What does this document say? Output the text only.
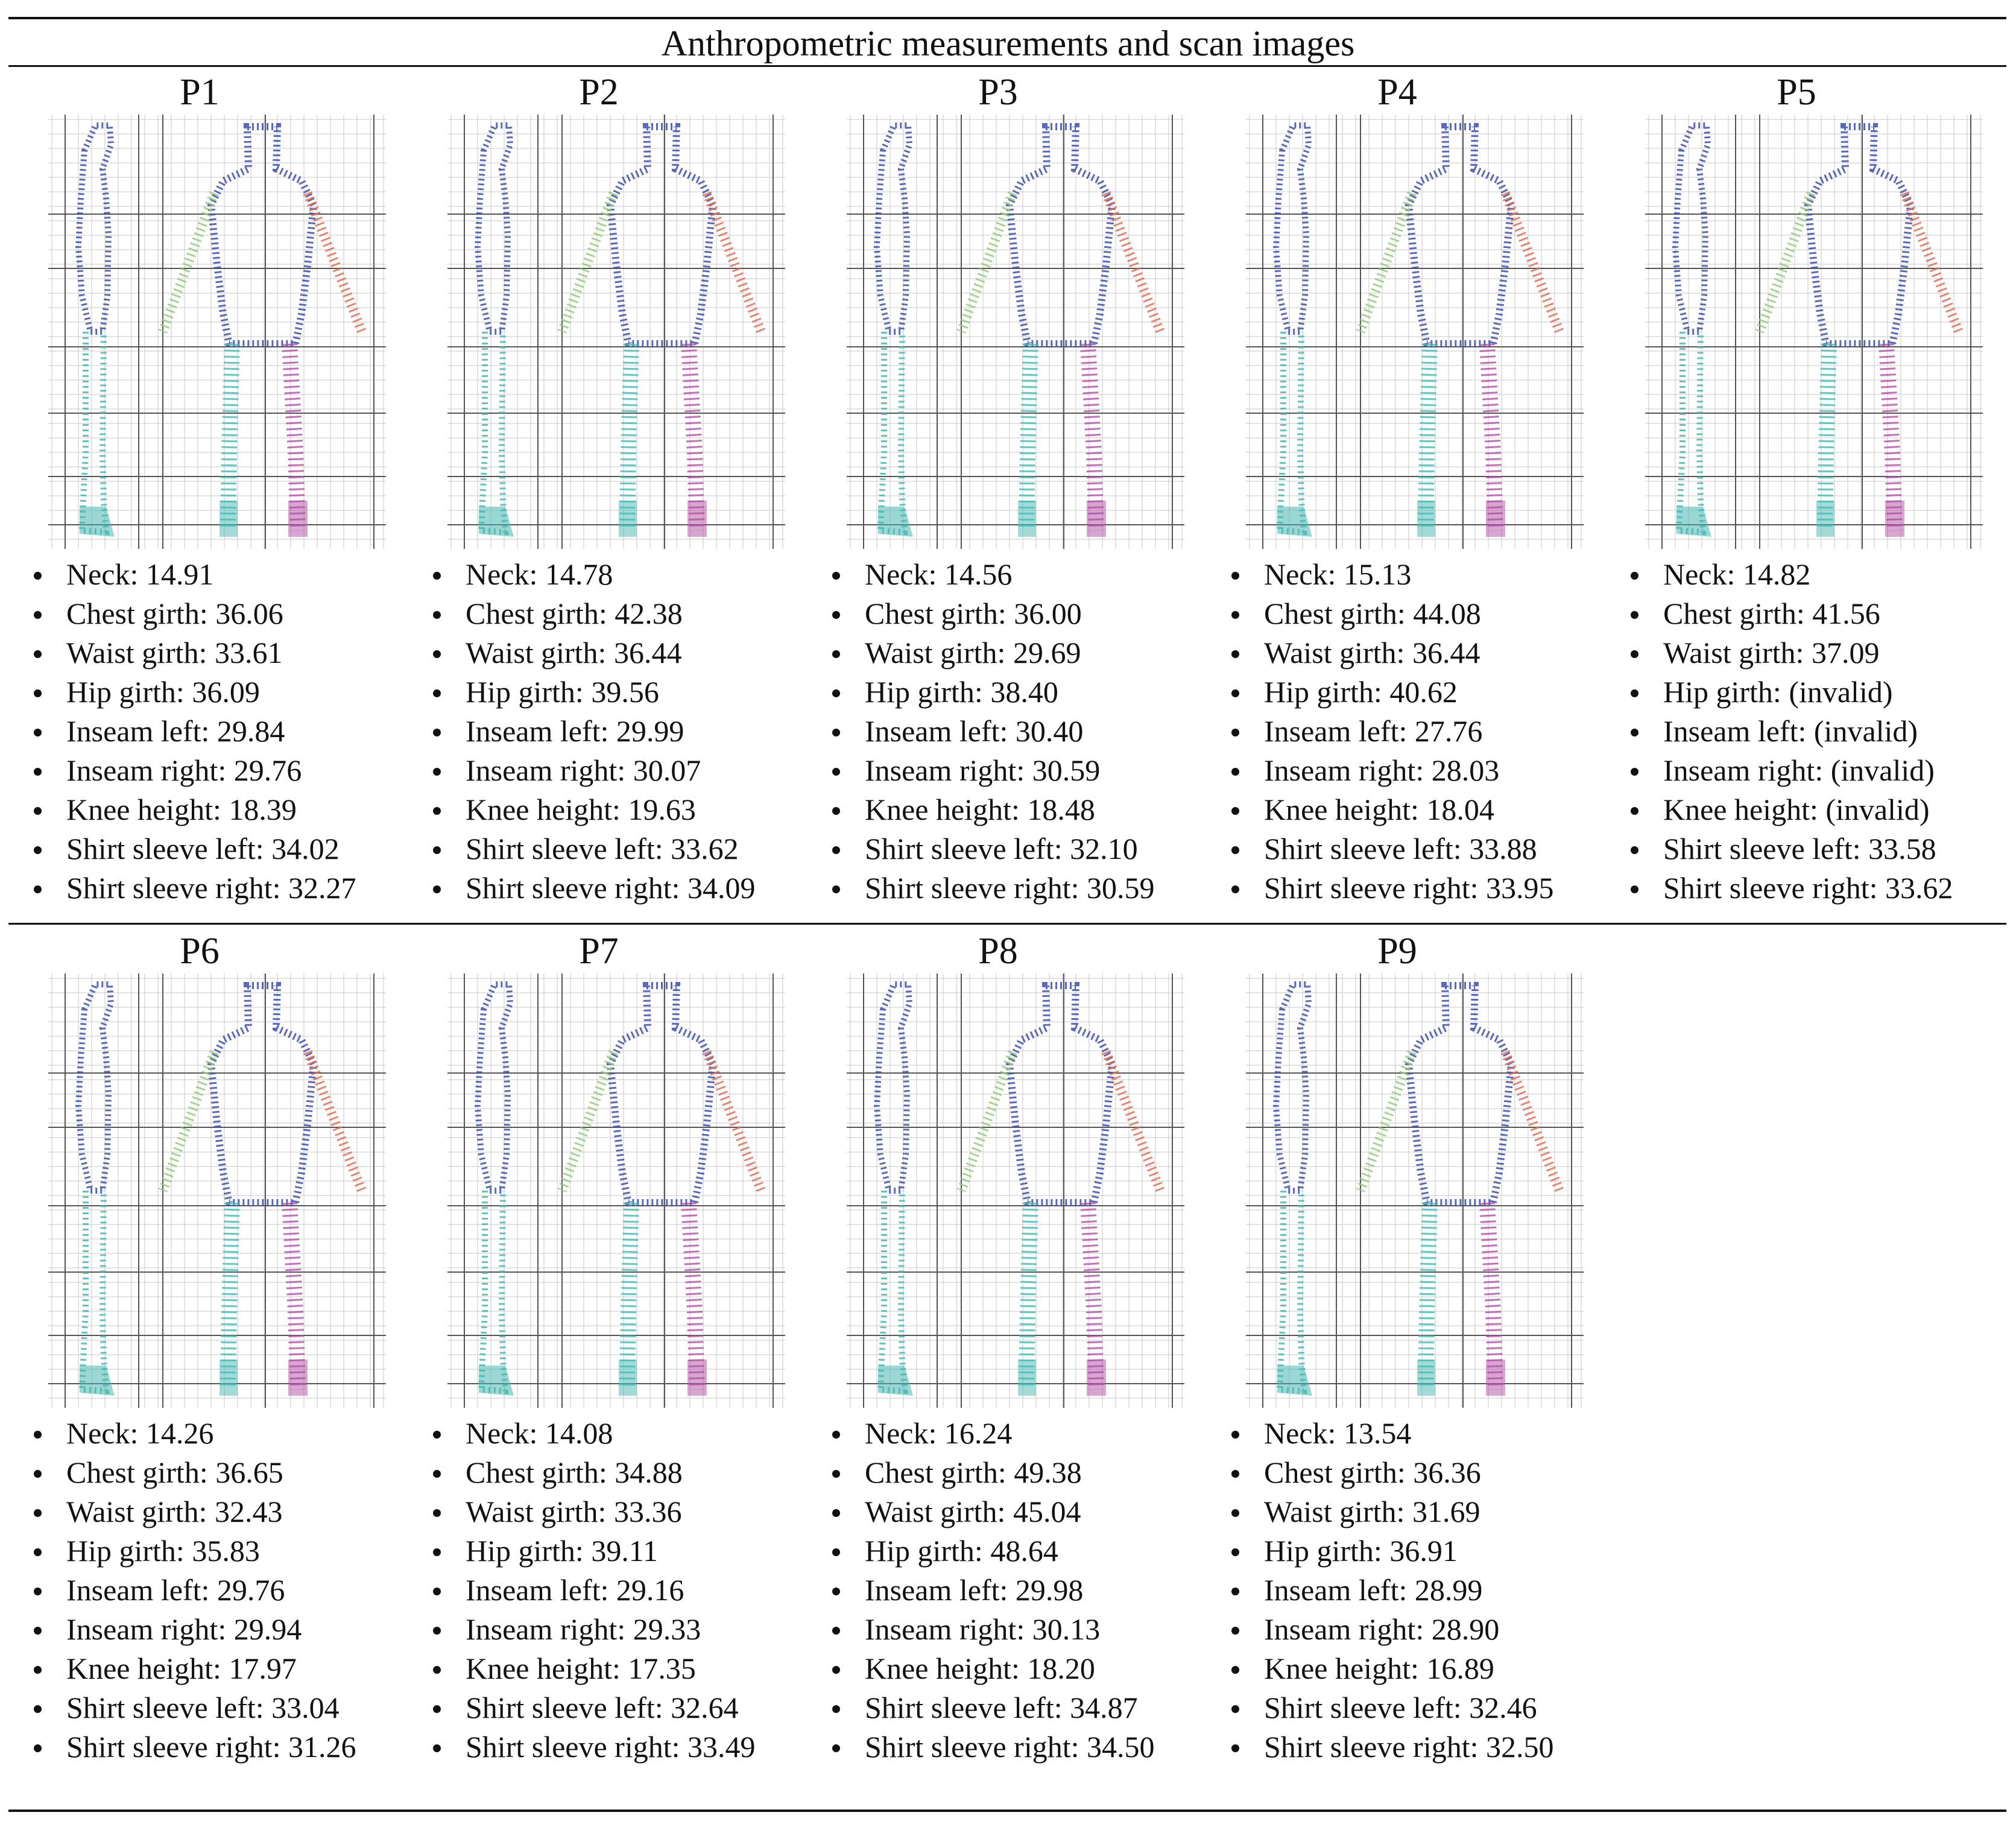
Anthropometric measurements and scan images
P1
Neck: 14.91
Chest girth: 36.06
Waist girth: 33.61
Hip girth: 36.09
Inseam left: 29.84
Inseam right: 29.76
Knee height: 18.39
Shirt sleeve left: 34.02
Shirt sleeve right: 32.27
P2
Neck: 14.78
Chest girth: 42.38
Waist girth: 36.44
Hip girth: 39.56
Inseam left: 29.99
Inseam right: 30.07
Knee height: 19.63
Shirt sleeve left: 33.62
Shirt sleeve right: 34.09
P3
Neck: 14.56
Chest girth: 36.00
Waist girth: 29.69
Hip girth: 38.40
Inseam left: 30.40
Inseam right: 30.59
Knee height: 18.48
Shirt sleeve left: 32.10
Shirt sleeve right: 30.59
P4
Neck: 15.13
Chest girth: 44.08
Waist girth: 36.44
Hip girth: 40.62
Inseam left: 27.76
Inseam right: 28.03
Knee height: 18.04
Shirt sleeve left: 33.88
Shirt sleeve right: 33.95
P5
Neck: 14.82
Chest girth: 41.56
Waist girth: 37.09
Hip girth: (invalid)
Inseam left: (invalid)
Inseam right: (invalid)
Knee height: (invalid)
Shirt sleeve left: 33.58
Shirt sleeve right: 33.62
P6
Neck: 14.26
Chest girth: 36.65
Waist girth: 32.43
Hip girth: 35.83
Inseam left: 29.76
Inseam right: 29.94
Knee height: 17.97
Shirt sleeve left: 33.04
Shirt sleeve right: 31.26
P7
Neck: 14.08
Chest girth: 34.88
Waist girth: 33.36
Hip girth: 39.11
Inseam left: 29.16
Inseam right: 29.33
Knee height: 17.35
Shirt sleeve left: 32.64
Shirt sleeve right: 33.49
P8
Neck: 16.24
Chest girth: 49.38
Waist girth: 45.04
Hip girth: 48.64
Inseam left: 29.98
Inseam right: 30.13
Knee height: 18.20
Shirt sleeve left: 34.87
Shirt sleeve right: 34.50
P9
Neck: 13.54
Chest girth: 36.36
Waist girth: 31.69
Hip girth: 36.91
Inseam left: 28.99
Inseam right: 28.90
Knee height: 16.89
Shirt sleeve left: 32.46
Shirt sleeve right: 32.50
